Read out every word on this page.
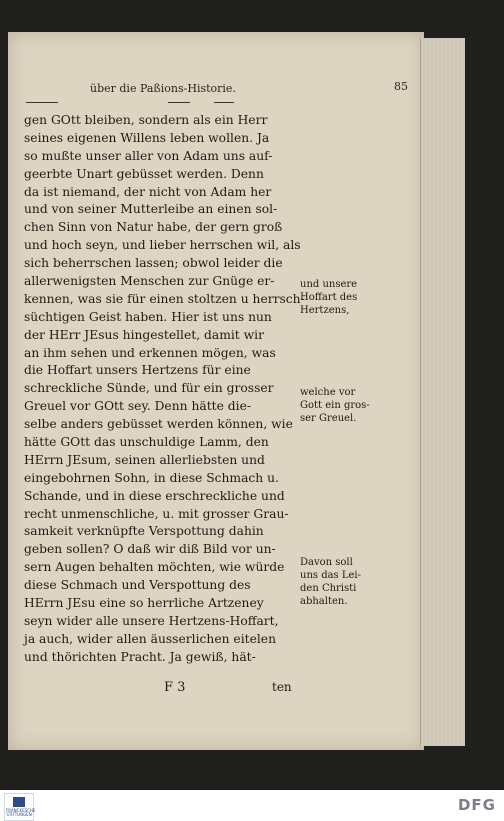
über die Paßions-Historie.	85
gen GOtt bleiben, sondern als ein Herr
seines eigenen Willens leben wollen. Ja
so mußte unser aller von Adam uns auf-
geerbte Unart gebüsset werden. Denn
da ist niemand, der nicht von Adam her
und von seiner Mutterleibe an einen sol-
chen Sinn von Natur habe, der gern groß
und hoch seyn, und lieber herrschen wil, als
sich beherrschen lassen; obwol leider die
allerwenigsten Menschen zur Gnüge er-
kennen, was sie für einen stoltzen u herrsch-
süchtigen Geist haben. Hier ist uns nun
der HErr JEsus hingestellet, damit wir
an ihm sehen und erkennen mögen, was
die Hoffart unsers Hertzens für eine
schreckliche Sünde, und für ein grosser
Greuel vor GOtt sey. Denn hätte die-
selbe anders gebüsset werden können, wie
hätte GOtt das unschuldige Lamm, den
HErrn JEsum, seinen allerliebsten und
eingebohrnen Sohn, in diese Schmach u.
Schande, und in diese erschreckliche und
recht unmenschliche, u. mit grosser Grau-
samkeit verknüpfte Verspottung dahin
geben sollen? O daß wir diß Bild vor un-
sern Augen behalten möchten, wie würde
diese Schmach und Verspottung des
HErrn JEsu eine so herrliche Artzeney
seyn wider alle unsere Hertzens-Hoffart,
ja auch, wider allen äusserlichen eitelen
und thörichten Pracht. Ja gewiß, hät-
und unsere
Hoffart des
Hertzens,
welche vor
Gott ein gros-
ser Greuel.
Davon soll
uns das Lei-
den Christi
abhalten.
F 3	ten
FRANCKESCHE STIFTUNGEN
DFG
